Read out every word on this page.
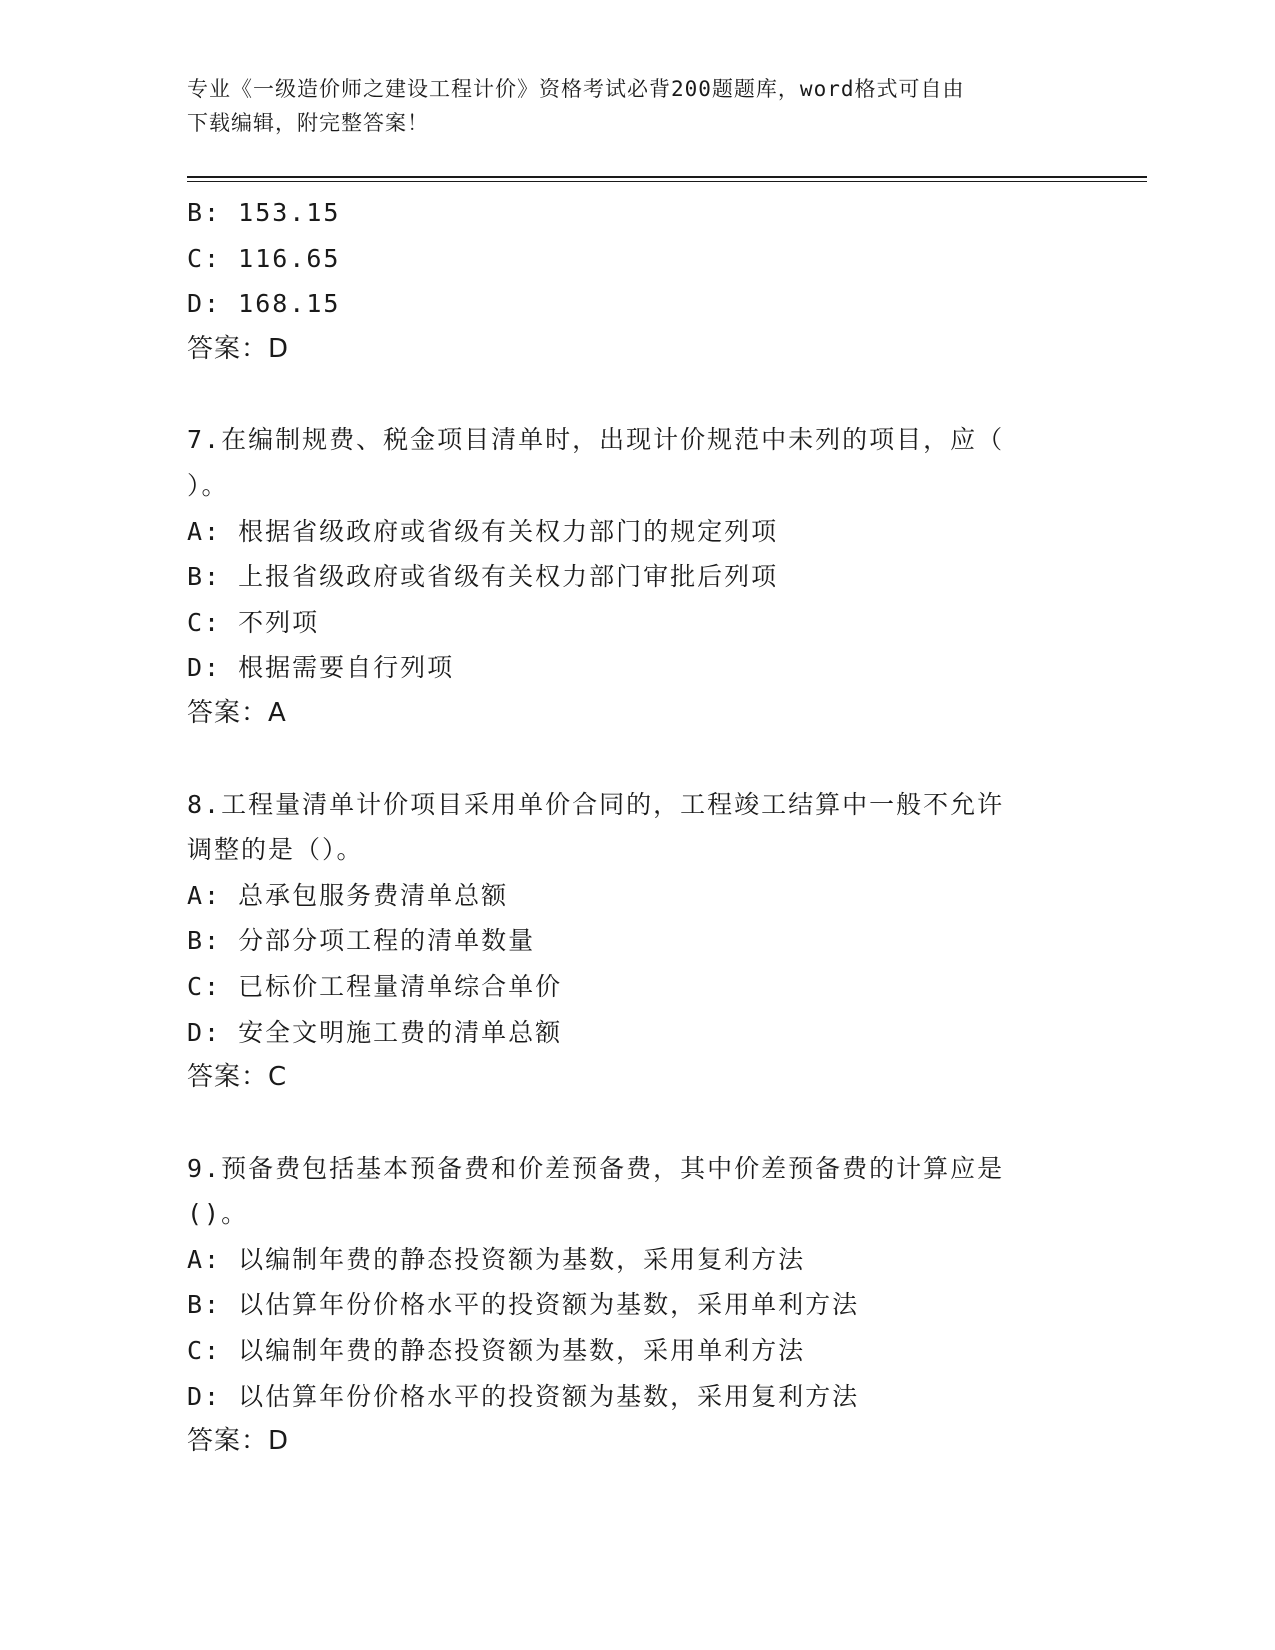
专业《一级造价师之建设工程计价》资格考试必背200题题库，word格式可自由
下载编辑，附完整答案！
B: 153.15
C: 116.65
D: 168.15
答案：D
7.在编制规费、税金项目清单时，出现计价规范中未列的项目，应（
）。
A: 根据省级政府或省级有关权力部门的规定列项
B: 上报省级政府或省级有关权力部门审批后列项
C: 不列项
D: 根据需要自行列项
答案：A
8.工程量清单计价项目采用单价合同的，工程竣工结算中一般不允许
调整的是（）。
A: 总承包服务费清单总额
B: 分部分项工程的清单数量
C: 已标价工程量清单综合单价
D: 安全文明施工费的清单总额
答案：C
9.预备费包括基本预备费和价差预备费，其中价差预备费的计算应是
()。
A: 以编制年费的静态投资额为基数，采用复利方法
B: 以估算年份价格水平的投资额为基数，采用单利方法
C: 以编制年费的静态投资额为基数，采用单利方法
D: 以估算年份价格水平的投资额为基数，采用复利方法
答案：D
